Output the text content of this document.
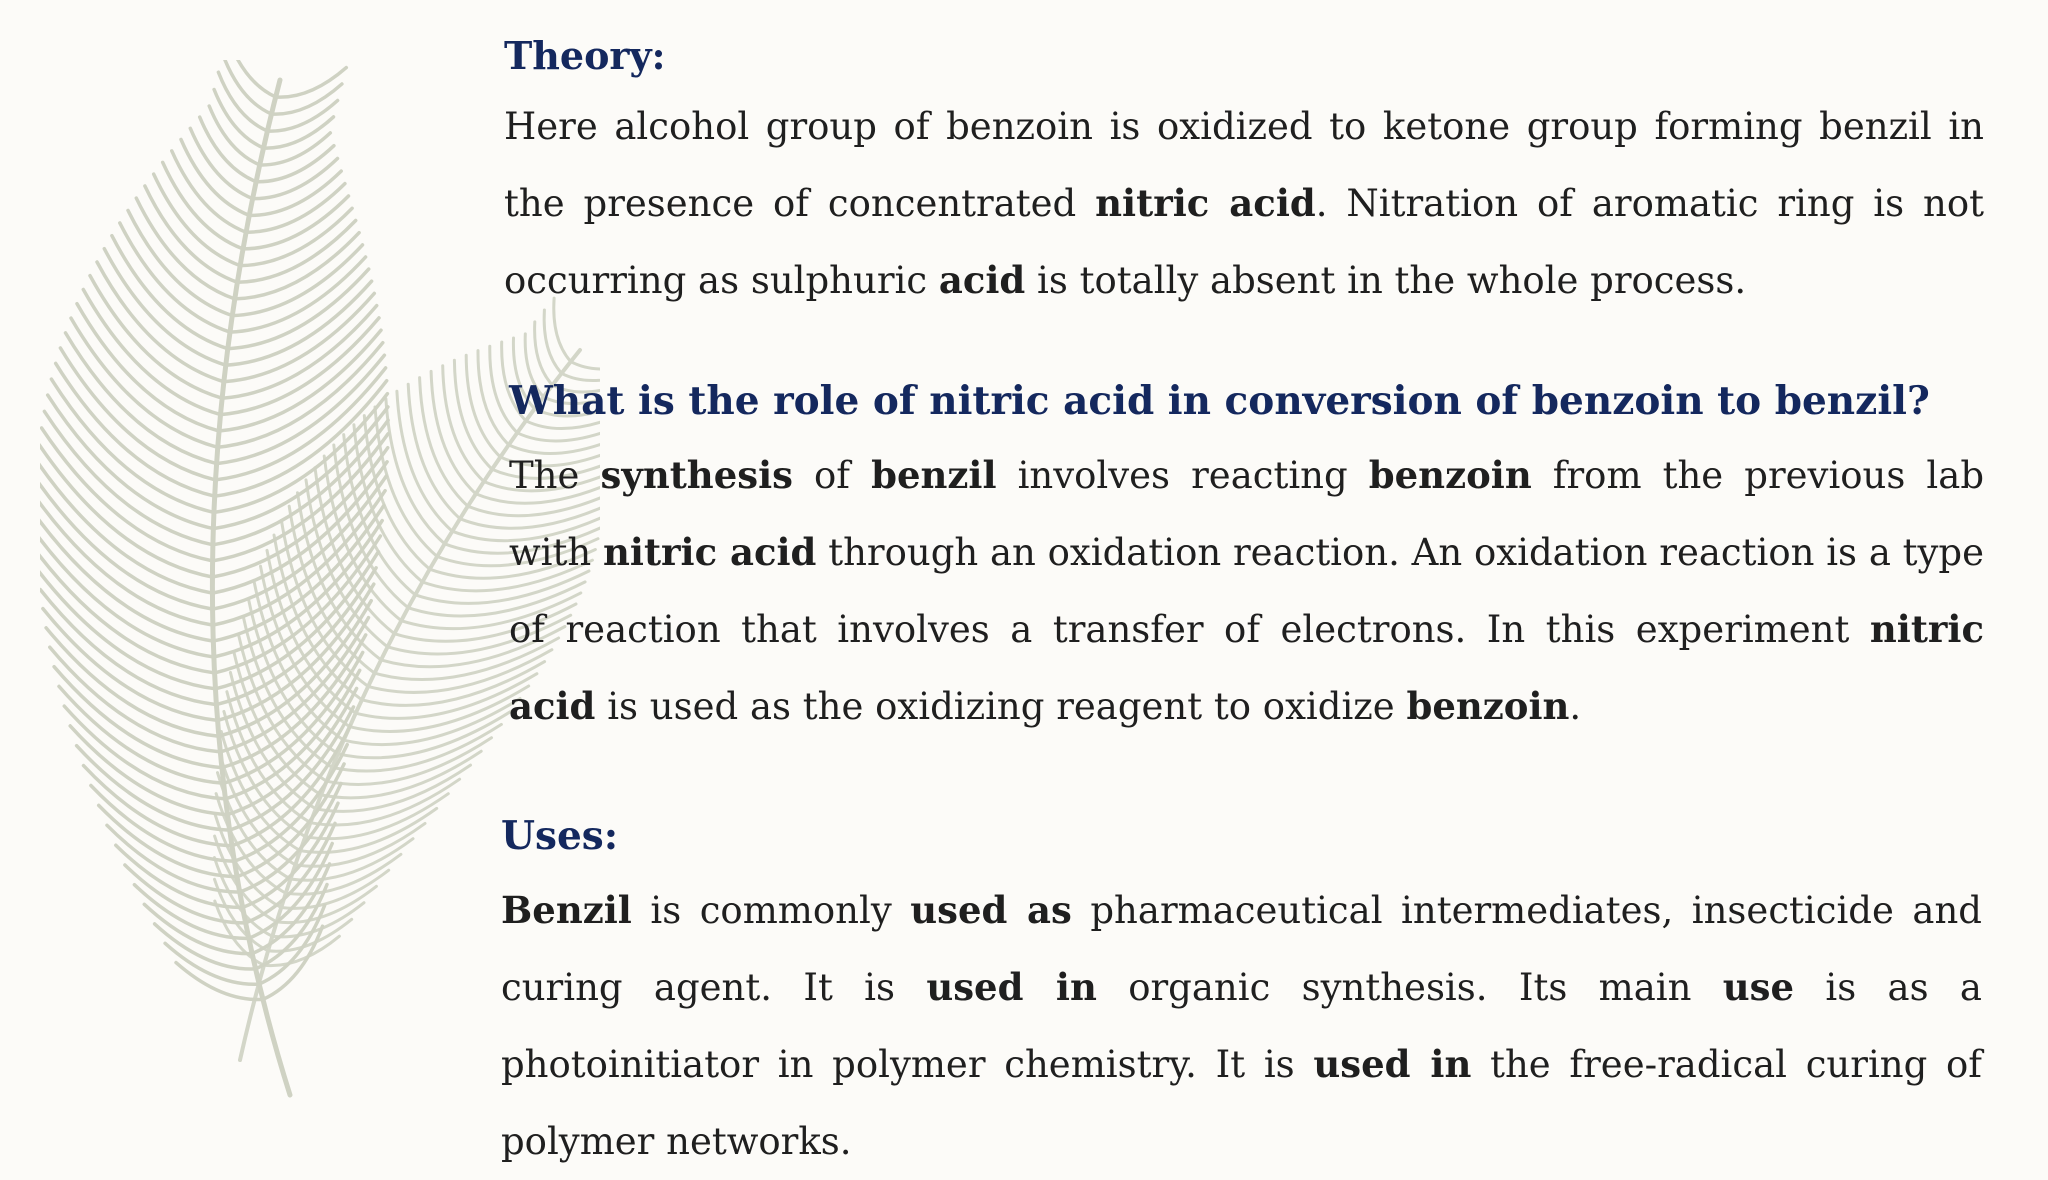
Theory:

Here alcohol group of benzoin is oxidized to ketone group forming benzil in the presence of concentrated nitric acid. Nitration of aromatic ring is not occurring as sulphuric acid is totally absent in the whole process.

What is the role of nitric acid in conversion of benzoin to benzil?

The synthesis of benzil involves reacting benzoin from the previous lab with nitric acid through an oxidation reaction. An oxidation reaction is a type of reaction that involves a transfer of electrons. In this experiment nitric acid is used as the oxidizing reagent to oxidize benzoin.

Uses:

Benzil is commonly used as pharmaceutical intermediates, insecticide and curing agent. It is used in organic synthesis. Its main use is as a photoinitiator in polymer chemistry. It is used in the free-radical curing of polymer networks.
